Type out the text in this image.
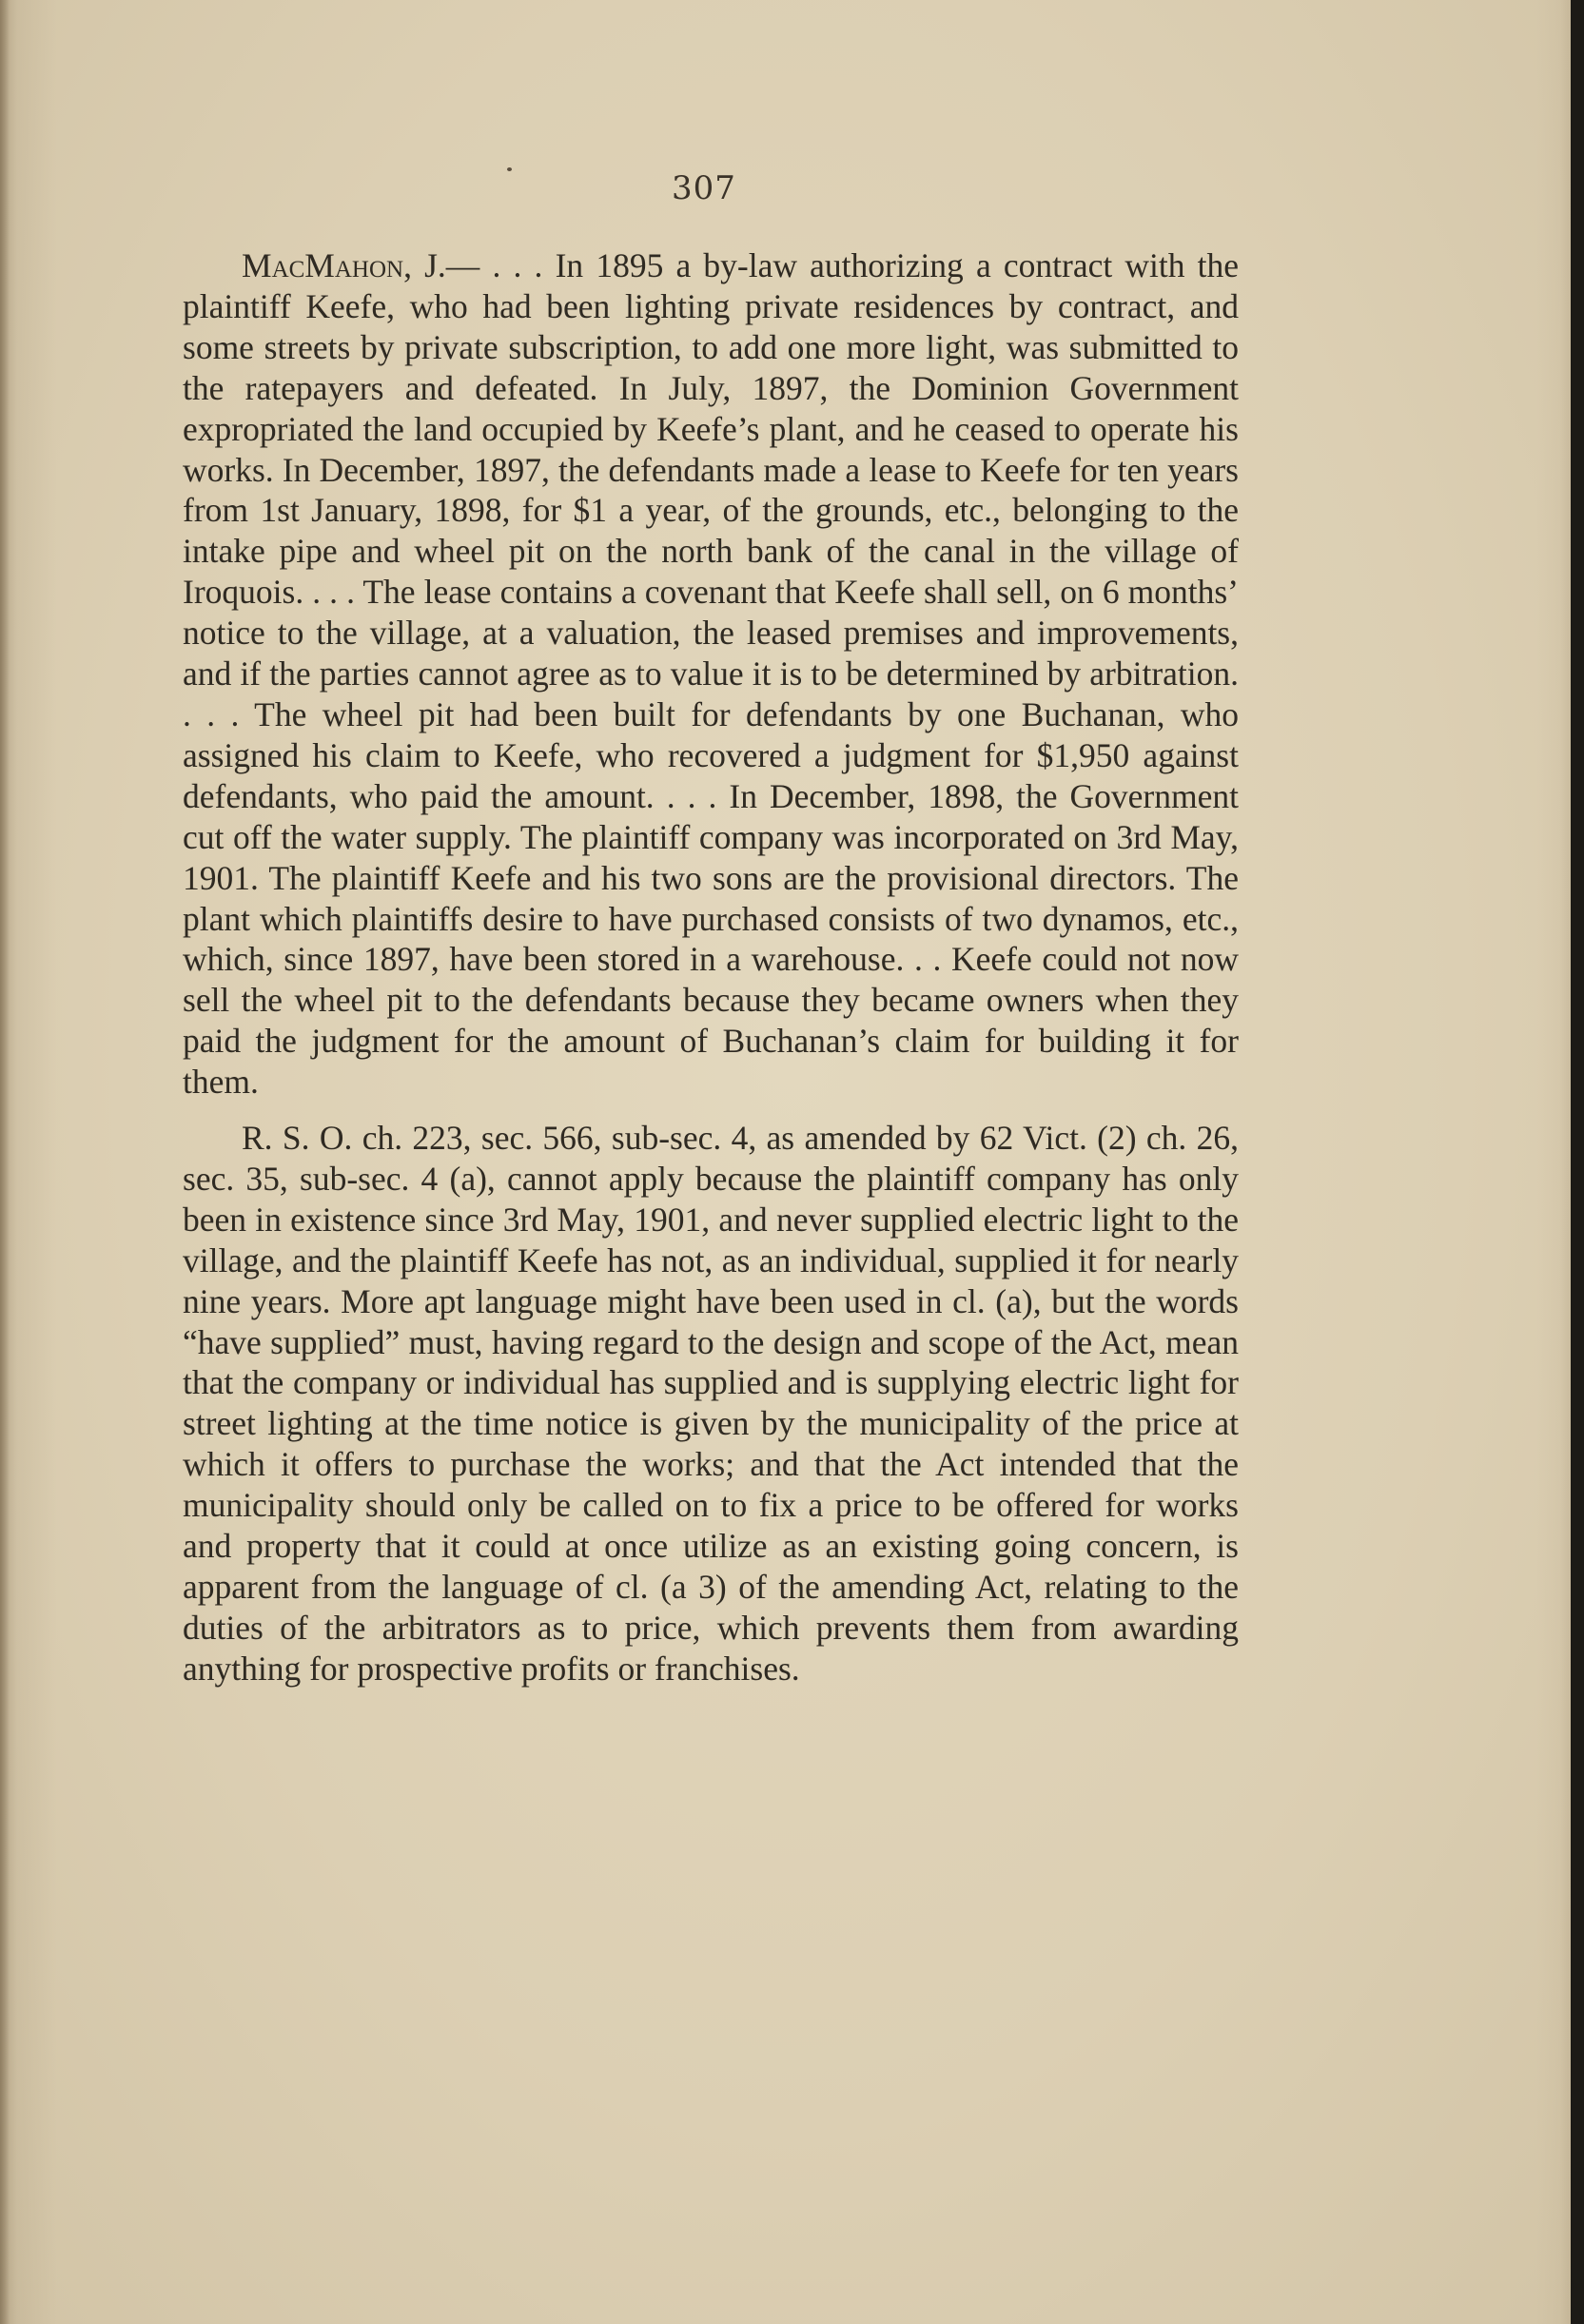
307

MacMahon, J.— . . . In 1895 a by-law authorizing a contract with the plaintiff Keefe, who had been lighting private residences by contract, and some streets by private subscription, to add one more light, was submitted to the ratepayers and defeated. In July, 1897, the Dominion Government expropriated the land occupied by Keefe’s plant, and he ceased to operate his works. In December, 1897, the defendants made a lease to Keefe for ten years from 1st January, 1898, for $1 a year, of the grounds, etc., belonging to the intake pipe and wheel pit on the north bank of the canal in the village of Iroquois. . . . The lease contains a covenant that Keefe shall sell, on 6 months’ notice to the village, at a valuation, the leased premises and improvements, and if the parties cannot agree as to value it is to be determined by arbitration. . . . The wheel pit had been built for defendants by one Buchanan, who assigned his claim to Keefe, who recovered a judgment for $1,950 against defendants, who paid the amount. . . . In December, 1898, the Government cut off the water supply. The plaintiff company was incorporated on 3rd May, 1901. The plaintiff Keefe and his two sons are the provisional directors. The plant which plaintiffs desire to have purchased consists of two dynamos, etc., which, since 1897, have been stored in a warehouse. . . Keefe could not now sell the wheel pit to the defendants because they became owners when they paid the judgment for the amount of Buchanan’s claim for building it for them.

R. S. O. ch. 223, sec. 566, sub-sec. 4, as amended by 62 Vict. (2) ch. 26, sec. 35, sub-sec. 4 (a), cannot apply because the plaintiff company has only been in existence since 3rd May, 1901, and never supplied electric light to the village, and the plaintiff Keefe has not, as an individual, supplied it for nearly nine years. More apt language might have been used in cl. (a), but the words “have supplied” must, having regard to the design and scope of the Act, mean that the company or individual has supplied and is supplying electric light for street lighting at the time notice is given by the municipality of the price at which it offers to purchase the works; and that the Act intended that the municipality should only be called on to fix a price to be offered for works and property that it could at once utilize as an existing going concern, is apparent from the language of cl. (a 3) of the amending Act, relating to the duties of the arbitrators as to price, which prevents them from awarding anything for prospective profits or franchises.
